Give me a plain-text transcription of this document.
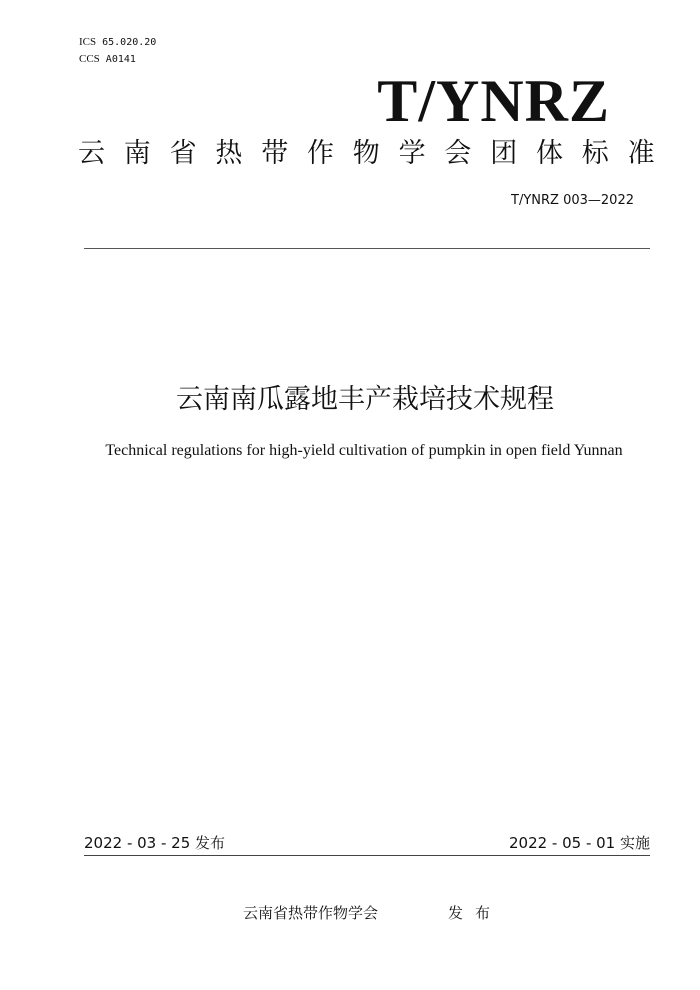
ICS 65.020.20
CCS A0141
T/YNRZ
云南省热带作物学会团体标准
T/YNRZ 003—2022
云南南瓜露地丰产栽培技术规程
Technical regulations for high-yield cultivation of pumpkin in open field Yunnan
2022 - 03 - 25 发布	2022 - 05 - 01 实施
云南省热带作物学会	发布
